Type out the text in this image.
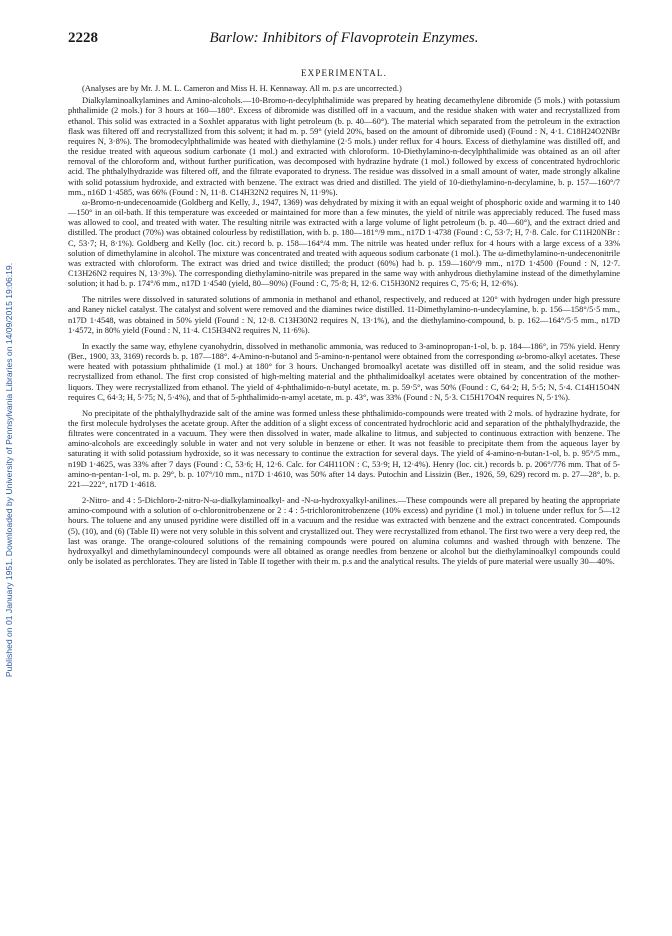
Published on 01 January 1951. Downloaded by University of Pennsylvania Libraries on 14/09/2015 19:06:19.
2228	Barlow: Inhibitors of Flavoprotein Enzymes.
EXPERIMENTAL.

(Analyses are by Mr. J. M. L. Cameron and Miss H. H. Kennaway. All m. p.s are uncorrected.)

Dialkylaminoalkylamines and Amino-alcohols.—10-Bromo-n-decylphthalimide was prepared by heating decamethylene dibromide (5 mols.) with potassium phthalimide (2 mols.) for 3 hours at 160—180°. Excess of dibromide was distilled off in a vacuum, and the residue shaken with water and recrystallized from ethanol. This solid was extracted in a Soxhlet apparatus with light petroleum (b. p. 40—60°). The material which separated from the petroleum in the extraction flask was filtered off and recrystallized from this solvent; it had m. p. 59° (yield 20%, based on the amount of dibromide used) (Found : N, 4·1. C18H24O2NBr requires N, 3·8%). The bromodecylphthalimide was heated with diethylamine (2·5 mols.) under reflux for 4 hours. Excess of diethylamine was distilled off, and the residue treated with aqueous sodium carbonate (1 mol.) and extracted with chloroform. 10-Diethylamino-n-decylphthalimide was obtained as an oil after removal of the chloroform and, without further purification, was decomposed with hydrazine hydrate (1 mol.) followed by excess of concentrated hydrochloric acid. The phthalylhydrazide was filtered off, and the filtrate evaporated to dryness. The residue was dissolved in a small amount of water, made strongly alkaline with solid potassium hydroxide, and extracted with benzene. The extract was dried and distilled. The yield of 10-diethylamino-n-decylamine, b. p. 157—160°/7 mm., n16D 1·4585, was 66% (Found : N, 11·8. C14H32N2 requires N, 11·9%).

ω-Bromo-n-undecenoamide (Goldberg and Kelly, J., 1947, 1369) was dehydrated by mixing it with an equal weight of phosphoric oxide and warming it to 140—150° in an oil-bath. If this temperature was exceeded or maintained for more than a few minutes, the yield of nitrile was appreciably reduced. The fused mass was allowed to cool, and treated with water. The resulting nitrile was extracted with a large volume of light petroleum (b. p. 40—60°), and the extract dried and distilled. The product (70%) was obtained colourless by redistillation, with b. p. 180—181°/9 mm., n17D 1·4738 (Found : C, 53·7; H, 7·8. Calc. for C11H20NBr : C, 53·7; H, 8·1%). Goldberg and Kelly (loc. cit.) record b. p. 158—164°/4 mm. The nitrile was heated under reflux for 4 hours with a large excess of a 33% solution of dimethylamine in alcohol. The mixture was concentrated and treated with aqueous sodium carbonate (1 mol.). The ω-dimethylamino-n-undecenonitrile was extracted with chloroform. The extract was dried and twice distilled; the product (60%) had b. p. 159—160°/9 mm., n17D 1·4500 (Found : N, 12·7. C13H26N2 requires N, 13·3%). The corresponding diethylamino-nitrile was prepared in the same way with anhydrous diethylamine instead of the dimethylamine solution; it had b. p. 174°/6 mm., n17D 1·4540 (yield, 80—90%) (Found : C, 75·8; H, 12·6. C15H30N2 requires C, 75·6; H, 12·6%).

The nitriles were dissolved in saturated solutions of ammonia in methanol and ethanol, respectively, and reduced at 120° with hydrogen under high pressure and Raney nickel catalyst. The catalyst and solvent were removed and the diamines twice distilled. 11-Dimethylamino-n-undecylamine, b. p. 156—158°/5·5 mm., n17D 1·4548, was obtained in 50% yield (Found : N, 12·8. C13H30N2 requires N, 13·1%), and the diethylamino-compound, b. p. 162—164°/5·5 mm., n17D 1·4572, in 80% yield (Found : N, 11·4. C15H34N2 requires N, 11·6%).

In exactly the same way, ethylene cyanohydrin, dissolved in methanolic ammonia, was reduced to 3-aminopropan-1-ol, b. p. 184—186°, in 75% yield. Henry (Ber., 1900, 33, 3169) records b. p. 187—188°. 4-Amino-n-butanol and 5-amino-n-pentanol were obtained from the corresponding ω-bromo-alkyl acetates. These were heated with potassium phthalimide (1 mol.) at 180° for 3 hours. Unchanged bromoalkyl acetate was distilled off in steam, and the solid residue was recrystallized from ethanol. The first crop consisted of high-melting material and the phthalimidoalkyl acetates were obtained by concentration of the mother-liquors. They were recrystallized from ethanol. The yield of 4-phthalimido-n-butyl acetate, m. p. 59·5°, was 50% (Found : C, 64·2; H, 5·5; N, 5·4. C14H15O4N requires C, 64·3; H, 5·75; N, 5·4%), and that of 5-phthalimido-n-amyl acetate, m. p. 43°, was 33% (Found : N, 5·3. C15H17O4N requires N, 5·1%).

No precipitate of the phthalylhydrazide salt of the amine was formed unless these phthalimido-compounds were treated with 2 mols. of hydrazine hydrate, for the first molecule hydrolyses the acetate group. After the addition of a slight excess of concentrated hydrochloric acid and separation of the phthalylhydrazide, the filtrates were concentrated in a vacuum. They were then dissolved in water, made alkaline to litmus, and subjected to continuous extraction with benzene. The amino-alcohols are exceedingly soluble in water and not very soluble in benzene or ether. It was not feasible to precipitate them from the aqueous layer by saturating it with solid potassium hydroxide, so it was necessary to continue the extraction for several days. The yield of 4-amino-n-butan-1-ol, b. p. 95°/5 mm., n19D 1·4625, was 33% after 7 days (Found : C, 53·6; H, 12·6. Calc. for C4H11ON : C, 53·9; H, 12·4%). Henry (loc. cit.) records b. p. 206°/776 mm. That of 5-amino-n-pentan-1-ol, m. p. 29°, b. p. 107°/10 mm., n17D 1·4610, was 50% after 14 days. Putochin and Lissizin (Ber., 1926, 59, 629) record m. p. 27—28°, b. p. 221—222°, n17D 1·4618.

2-Nitro- and 4 : 5-Dichloro-2-nitro-N-ω-dialkylaminoalkyl- and -N-ω-hydroxyalkyl-anilines.—These compounds were all prepared by heating the appropriate amino-compound with a solution of o-chloronitrobenzene or 2 : 4 : 5-trichloronitrobenzene (10% excess) and pyridine (1 mol.) in toluene under reflux for 5—12 hours. The toluene and any unused pyridine were distilled off in a vacuum and the residue was extracted with benzene and the extract concentrated. Compounds (5), (10), and (6) (Table II) were not very soluble in this solvent and crystallized out. They were recrystallized from ethanol. The first two were a very deep red, the last was orange. The orange-coloured solutions of the remaining compounds were poured on alumina columns and washed through with benzene. The hydroxyalkyl and dimethylaminoundecyl compounds were all obtained as orange needles from benzene or alcohol but the diethylaminoalkyl compounds could only be isolated as perchlorates. They are listed in Table II together with their m. p.s and the analytical results. The yields of pure material were usually 30—40%.
